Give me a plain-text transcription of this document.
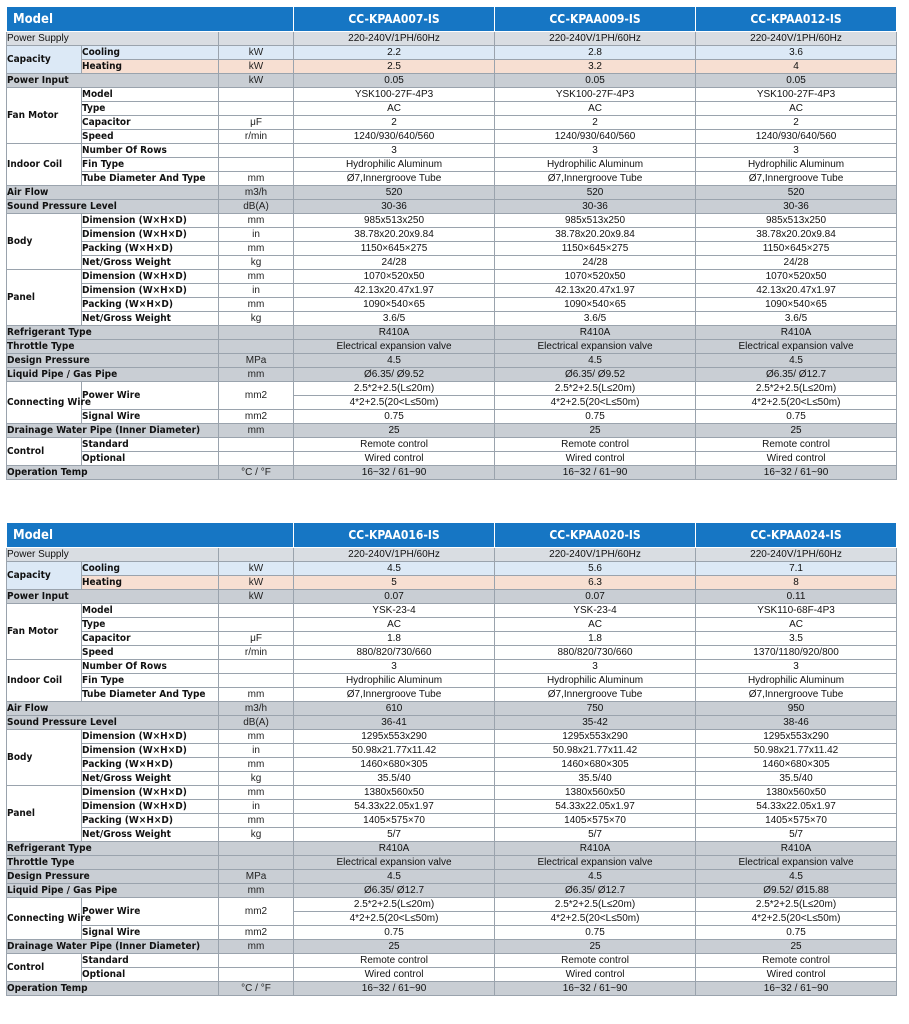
Model			CC-KPAA007-IS	CC-KPAA009-IS	CC-KPAA012-IS
Power Supply			220-240V/1PH/60Hz	220-240V/1PH/60Hz	220-240V/1PH/60Hz
Capacity	Cooling	kW	2.2	2.8	3.6
	Heating	kW	2.5	3.2	4
Power Input		kW	0.05	0.05	0.05
Fan Motor	Model		YSK100-27F-4P3	YSK100-27F-4P3	YSK100-27F-4P3
	Type		AC	AC	AC
	Capacitor	μF	2	2	2
	Speed	r/min	1240/930/640/560	1240/930/640/560	1240/930/640/560
Indoor Coil	Number Of Rows		3	3	3
	Fin Type		Hydrophilic Aluminum	Hydrophilic Aluminum	Hydrophilic Aluminum
	Tube Diameter And Type	mm	Ø7,Innergroove Tube	Ø7,Innergroove Tube	Ø7,Innergroove Tube
Air Flow		m3/h	520	520	520
Sound Pressure Level		dB(A)	30-36	30-36	30-36
Body	Dimension (W×H×D)	mm	985x513x250	985x513x250	985x513x250
	Dimension (W×H×D)	in	38.78x20.20x9.84	38.78x20.20x9.84	38.78x20.20x9.84
	Packing (W×H×D)	mm	1150×645×275	1150×645×275	1150×645×275
	Net/Gross Weight	kg	24/28	24/28	24/28
Panel	Dimension (W×H×D)	mm	1070×520x50	1070×520x50	1070×520x50
	Dimension (W×H×D)	in	42.13x20.47x1.97	42.13x20.47x1.97	42.13x20.47x1.97
	Packing (W×H×D)	mm	1090×540×65	1090×540×65	1090×540×65
	Net/Gross Weight	kg	3.6/5	3.6/5	3.6/5
Refrigerant Type			R410A	R410A	R410A
Throttle Type			Electrical expansion valve	Electrical expansion valve	Electrical expansion valve
Design Pressure		MPa	4.5	4.5	4.5
Liquid Pipe / Gas Pipe		mm	Ø6.35/ Ø9.52	Ø6.35/ Ø9.52	Ø6.35/ Ø12.7
Connecting Wire	Power Wire	mm2	2.5*2+2.5(L≤20m)	2.5*2+2.5(L≤20m)	2.5*2+2.5(L≤20m)
			4*2+2.5(20<L≤50m)	4*2+2.5(20<L≤50m)	4*2+2.5(20<L≤50m)
	Signal Wire	mm2	0.75	0.75	0.75
Drainage Water Pipe (Inner Diameter)		mm	25	25	25
Control	Standard		Remote control	Remote control	Remote control
	Optional		Wired control	Wired control	Wired control
Operation Temp		°C / °F	16~32 / 61~90	16~32 / 61~90	16~32 / 61~90
Model			CC-KPAA016-IS	CC-KPAA020-IS	CC-KPAA024-IS
Power Supply			220-240V/1PH/60Hz	220-240V/1PH/60Hz	220-240V/1PH/60Hz
Capacity	Cooling	kW	4.5	5.6	7.1
	Heating	kW	5	6.3	8
Power Input		kW	0.07	0.07	0.11
Fan Motor	Model		YSK-23-4	YSK-23-4	YSK110-68F-4P3
	Type		AC	AC	AC
	Capacitor	μF	1.8	1.8	3.5
	Speed	r/min	880/820/730/660	880/820/730/660	1370/1180/920/800
Indoor Coil	Number Of Rows		3	3	3
	Fin Type		Hydrophilic Aluminum	Hydrophilic Aluminum	Hydrophilic Aluminum
	Tube Diameter And Type	mm	Ø7,Innergroove Tube	Ø7,Innergroove Tube	Ø7,Innergroove Tube
Air Flow		m3/h	610	750	950
Sound Pressure Level		dB(A)	36-41	35-42	38-46
Body	Dimension (W×H×D)	mm	1295x553x290	1295x553x290	1295x553x290
	Dimension (W×H×D)	in	50.98x21.77x11.42	50.98x21.77x11.42	50.98x21.77x11.42
	Packing (W×H×D)	mm	1460×680×305	1460×680×305	1460×680×305
	Net/Gross Weight	kg	35.5/40	35.5/40	35.5/40
Panel	Dimension (W×H×D)	mm	1380x560x50	1380x560x50	1380x560x50
	Dimension (W×H×D)	in	54.33x22.05x1.97	54.33x22.05x1.97	54.33x22.05x1.97
	Packing (W×H×D)	mm	1405×575×70	1405×575×70	1405×575×70
	Net/Gross Weight	kg	5/7	5/7	5/7
Refrigerant Type			R410A	R410A	R410A
Throttle Type			Electrical expansion valve	Electrical expansion valve	Electrical expansion valve
Design Pressure		MPa	4.5	4.5	4.5
Liquid Pipe / Gas Pipe		mm	Ø6.35/ Ø12.7	Ø6.35/ Ø12.7	Ø9.52/ Ø15.88
Connecting Wire	Power Wire	mm2	2.5*2+2.5(L≤20m)	2.5*2+2.5(L≤20m)	2.5*2+2.5(L≤20m)
			4*2+2.5(20<L≤50m)	4*2+2.5(20<L≤50m)	4*2+2.5(20<L≤50m)
	Signal Wire	mm2	0.75	0.75	0.75
Drainage Water Pipe (Inner Diameter)		mm	25	25	25
Control	Standard		Remote control	Remote control	Remote control
	Optional		Wired control	Wired control	Wired control
Operation Temp		°C / °F	16~32 / 61~90	16~32 / 61~90	16~32 / 61~90
